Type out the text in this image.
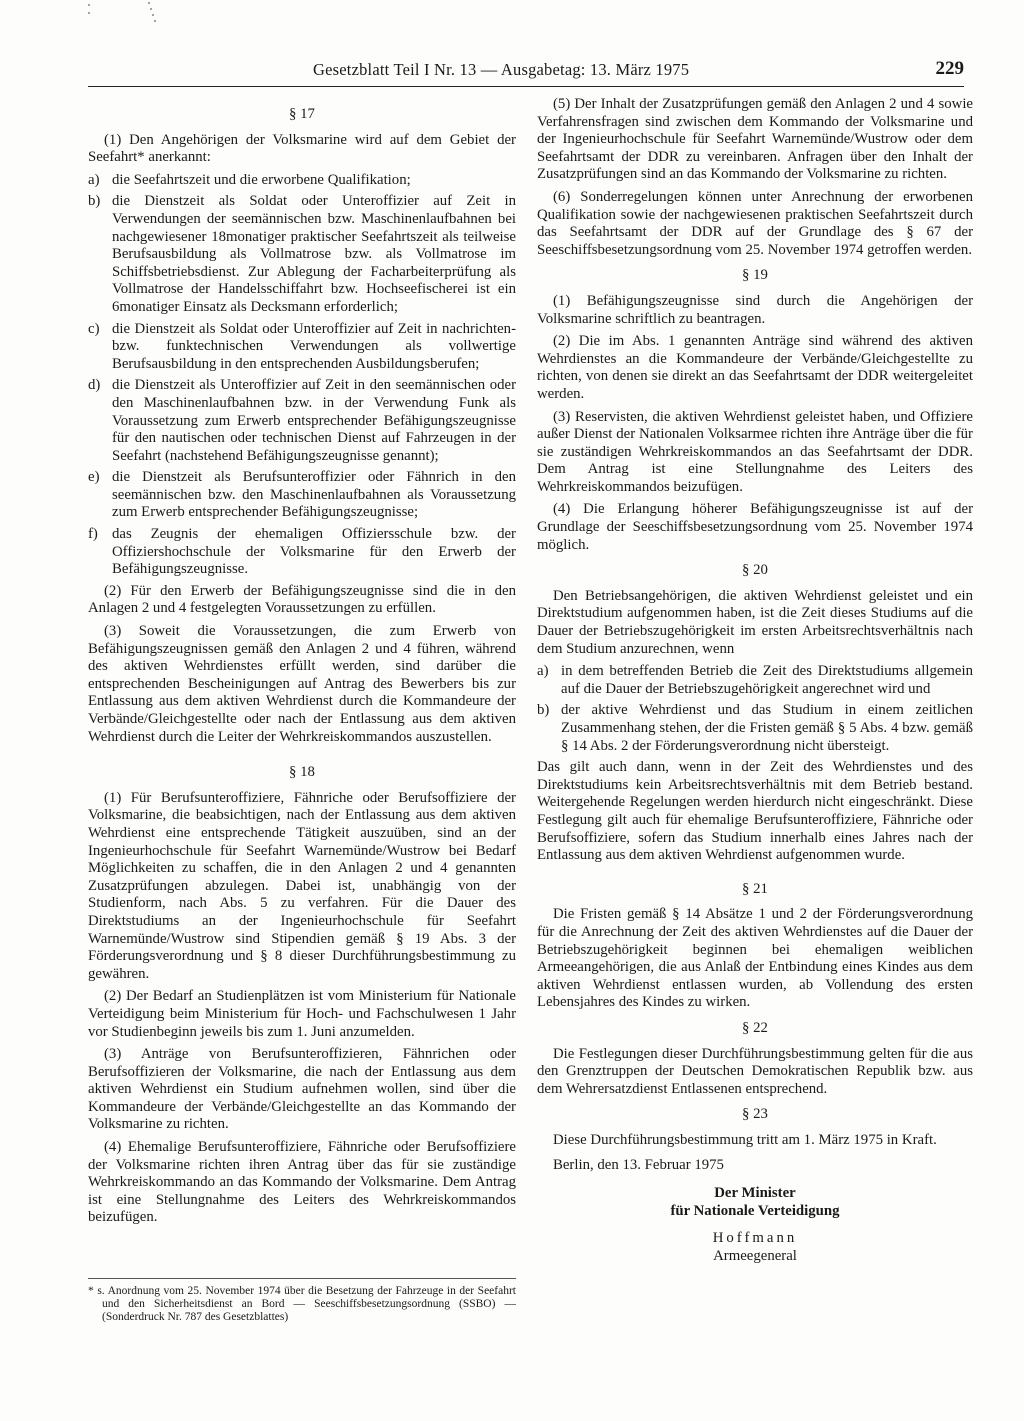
Gesetzblatt Teil I Nr. 13 — Ausgabetag: 13. März 1975	229

§ 17

(1) Den Angehörigen der Volksmarine wird auf dem Gebiet der Seefahrt* anerkannt:

a) die Seefahrtszeit und die erworbene Qualifikation;
b) die Dienstzeit als Soldat oder Unteroffizier auf Zeit in Verwendungen der seemännischen bzw. Maschinenlaufbahnen bei nachgewiesener 18monatiger praktischer Seefahrtszeit als teilweise Berufsausbildung als Vollmatrose bzw. als Vollmatrose im Schiffsbetriebsdienst. Zur Ablegung der Facharbeiterprüfung als Vollmatrose der Handelsschiffahrt bzw. Hochseefischerei ist ein 6monatiger Einsatz als Decksmann erforderlich;
c) die Dienstzeit als Soldat oder Unteroffizier auf Zeit in nachrichten- bzw. funktechnischen Verwendungen als vollwertige Berufsausbildung in den entsprechenden Ausbildungsberufen;
d) die Dienstzeit als Unteroffizier auf Zeit in den seemännischen oder den Maschinenlaufbahnen bzw. in der Verwendung Funk als Voraussetzung zum Erwerb entsprechender Befähigungszeugnisse für den nautischen oder technischen Dienst auf Fahrzeugen in der Seefahrt (nachstehend Befähigungszeugnisse genannt);
e) die Dienstzeit als Berufsunteroffizier oder Fähnrich in den seemännischen bzw. den Maschinenlaufbahnen als Voraussetzung zum Erwerb entsprechender Befähigungszeugnisse;
f) das Zeugnis der ehemaligen Offiziersschule bzw. der Offiziershochschule der Volksmarine für den Erwerb der Befähigungszeugnisse.

(2) Für den Erwerb der Befähigungszeugnisse sind die in den Anlagen 2 und 4 festgelegten Voraussetzungen zu erfüllen.

(3) Soweit die Voraussetzungen, die zum Erwerb von Befähigungszeugnissen gemäß den Anlagen 2 und 4 führen, während des aktiven Wehrdienstes erfüllt werden, sind darüber die entsprechenden Bescheinigungen auf Antrag des Bewerbers bis zur Entlassung aus dem aktiven Wehrdienst durch die Kommandeure der Verbände/Gleichgestellte oder nach der Entlassung aus dem aktiven Wehrdienst durch die Leiter der Wehrkreiskommandos auszustellen.

§ 18

(1) Für Berufsunteroffiziere, Fähnriche oder Berufsoffiziere der Volksmarine, die beabsichtigen, nach der Entlassung aus dem aktiven Wehrdienst eine entsprechende Tätigkeit auszuüben, sind an der Ingenieurhochschule für Seefahrt Warnemünde/Wustrow bei Bedarf Möglichkeiten zu schaffen, die in den Anlagen 2 und 4 genannten Zusatzprüfungen abzulegen. Dabei ist, unabhängig von der Studienform, nach Abs. 5 zu verfahren. Für die Dauer des Direktstudiums an der Ingenieurhochschule für Seefahrt Warnemünde/Wustrow sind Stipendien gemäß § 19 Abs. 3 der Förderungsverordnung und § 8 dieser Durchführungsbestimmung zu gewähren.

(2) Der Bedarf an Studienplätzen ist vom Ministerium für Nationale Verteidigung beim Ministerium für Hoch- und Fachschulwesen 1 Jahr vor Studienbeginn jeweils bis zum 1. Juni anzumelden.

(3) Anträge von Berufsunteroffizieren, Fähnrichen oder Berufsoffizieren der Volksmarine, die nach der Entlassung aus dem aktiven Wehrdienst ein Studium aufnehmen wollen, sind über die Kommandeure der Verbände/Gleichgestellte an das Kommando der Volksmarine zu richten.

(4) Ehemalige Berufsunteroffiziere, Fähnriche oder Berufsoffiziere der Volksmarine richten ihren Antrag über das für sie zuständige Wehrkreiskommando an das Kommando der Volksmarine. Dem Antrag ist eine Stellungnahme des Leiters des Wehrkreiskommandos beizufügen.

* s. Anordnung vom 25. November 1974 über die Besetzung der Fahrzeuge in der Seefahrt und den Sicherheitsdienst an Bord — Seeschiffsbesetzungsordnung (SSBO) — (Sonderdruck Nr. 787 des Gesetzblattes)

(5) Der Inhalt der Zusatzprüfungen gemäß den Anlagen 2 und 4 sowie Verfahrensfragen sind zwischen dem Kommando der Volksmarine und der Ingenieurhochschule für Seefahrt Warnemünde/Wustrow oder dem Seefahrtsamt der DDR zu vereinbaren. Anfragen über den Inhalt der Zusatzprüfungen sind an das Kommando der Volksmarine zu richten.

(6) Sonderregelungen können unter Anrechnung der erworbenen Qualifikation sowie der nachgewiesenen praktischen Seefahrtszeit durch das Seefahrtsamt der DDR auf der Grundlage des § 67 der Seeschiffsbesetzungsordnung vom 25. November 1974 getroffen werden.

§ 19

(1) Befähigungszeugnisse sind durch die Angehörigen der Volksmarine schriftlich zu beantragen.

(2) Die im Abs. 1 genannten Anträge sind während des aktiven Wehrdienstes an die Kommandeure der Verbände/Gleichgestellte zu richten, von denen sie direkt an das Seefahrtsamt der DDR weitergeleitet werden.

(3) Reservisten, die aktiven Wehrdienst geleistet haben, und Offiziere außer Dienst der Nationalen Volksarmee richten ihre Anträge über die für sie zuständigen Wehrkreiskommandos an das Seefahrtsamt der DDR. Dem Antrag ist eine Stellungnahme des Leiters des Wehrkreiskommandos beizufügen.

(4) Die Erlangung höherer Befähigungszeugnisse ist auf der Grundlage der Seeschiffsbesetzungsordnung vom 25. November 1974 möglich.

§ 20

Den Betriebsangehörigen, die aktiven Wehrdienst geleistet und ein Direktstudium aufgenommen haben, ist die Zeit dieses Studiums auf die Dauer der Betriebszugehörigkeit im ersten Arbeitsrechtsverhältnis nach dem Studium anzurechnen, wenn

a) in dem betreffenden Betrieb die Zeit des Direktstudiums allgemein auf die Dauer der Betriebszugehörigkeit angerechnet wird und
b) der aktive Wehrdienst und das Studium in einem zeitlichen Zusammenhang stehen, der die Fristen gemäß § 5 Abs. 4 bzw. gemäß § 14 Abs. 2 der Förderungsverordnung nicht übersteigt.

Das gilt auch dann, wenn in der Zeit des Wehrdienstes und des Direktstudiums kein Arbeitsrechtsverhältnis mit dem Betrieb bestand. Weitergehende Regelungen werden hierdurch nicht eingeschränkt. Diese Festlegung gilt auch für ehemalige Berufsunteroffiziere, Fähnriche oder Berufsoffiziere, sofern das Studium innerhalb eines Jahres nach der Entlassung aus dem aktiven Wehrdienst aufgenommen wurde.

§ 21

Die Fristen gemäß § 14 Absätze 1 und 2 der Förderungsverordnung für die Anrechnung der Zeit des aktiven Wehrdienstes auf die Dauer der Betriebszugehörigkeit beginnen bei ehemaligen weiblichen Armeeangehörigen, die aus Anlaß der Entbindung eines Kindes aus dem aktiven Wehrdienst entlassen wurden, ab Vollendung des ersten Lebensjahres des Kindes zu wirken.

§ 22

Die Festlegungen dieser Durchführungsbestimmung gelten für die aus den Grenztruppen der Deutschen Demokratischen Republik bzw. aus dem Wehrersatzdienst Entlassenen entsprechend.

§ 23

Diese Durchführungsbestimmung tritt am 1. März 1975 in Kraft.

Berlin, den 13. Februar 1975

Der Minister
für Nationale Verteidigung
Hoffmann
Armeegeneral
